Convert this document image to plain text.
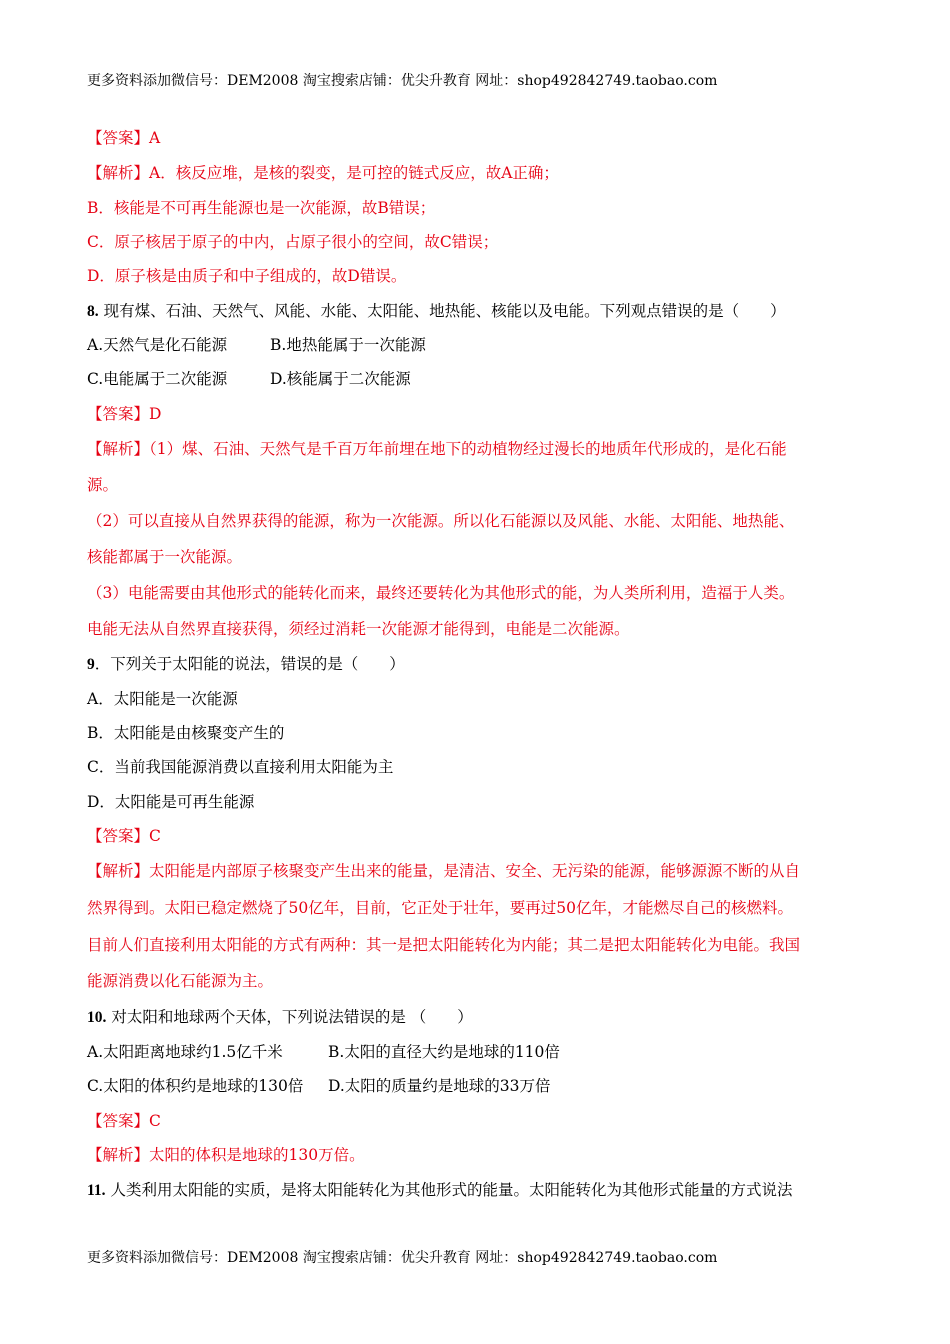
更多资料添加微信号：DEM2008 淘宝搜索店铺：优尖升教育 网址：shop492842749.taobao.com
【答案】A
【解析】A．核反应堆，是核的裂变，是可控的链式反应，故A正确；
B．核能是不可再生能源也是一次能源，故B错误；
C．原子核居于原子的中内，占原子很小的空间，故C错误；
D．原子核是由质子和中子组成的，故D错误。
8. 现有煤、石油、天然气、风能、水能、太阳能、地热能、核能以及电能。下列观点错误的是（　　）
A.天然气是化石能源	B.地热能属于一次能源
C.电能属于二次能源	D.核能属于二次能源
【答案】D
【解析】（1）煤、石油、天然气是千百万年前埋在地下的动植物经过漫长的地质年代形成的，是化石能
源。
（2）可以直接从自然界获得的能源，称为一次能源。所以化石能源以及风能、水能、太阳能、地热能、
核能都属于一次能源。
（3）电能需要由其他形式的能转化而来，最终还要转化为其他形式的能，为人类所利用，造福于人类。
电能无法从自然界直接获得，须经过消耗一次能源才能得到，电能是二次能源。
9．下列关于太阳能的说法，错误的是（　　）
A．太阳能是一次能源
B．太阳能是由核聚变产生的
C．当前我国能源消费以直接利用太阳能为主
D．太阳能是可再生能源
【答案】C
【解析】太阳能是内部原子核聚变产生出来的能量，是清洁、安全、无污染的能源，能够源源不断的从自
然界得到。太阳已稳定燃烧了50亿年，目前，它正处于壮年，要再过50亿年，才能燃尽自己的核燃料。
目前人们直接利用太阳能的方式有两种：其一是把太阳能转化为内能；其二是把太阳能转化为电能。我国
能源消费以化石能源为主。
10. 对太阳和地球两个天体，下列说法错误的是 （　　）
A.太阳距离地球约1.5亿千米	B.太阳的直径大约是地球的110倍
C.太阳的体积约是地球的130倍 D.太阳的质量约是地球的33万倍
【答案】C
【解析】太阳的体积是地球的130万倍。
11. 人类利用太阳能的实质，是将太阳能转化为其他形式的能量。太阳能转化为其他形式能量的方式说法
更多资料添加微信号：DEM2008 淘宝搜索店铺：优尖升教育 网址：shop492842749.taobao.com
